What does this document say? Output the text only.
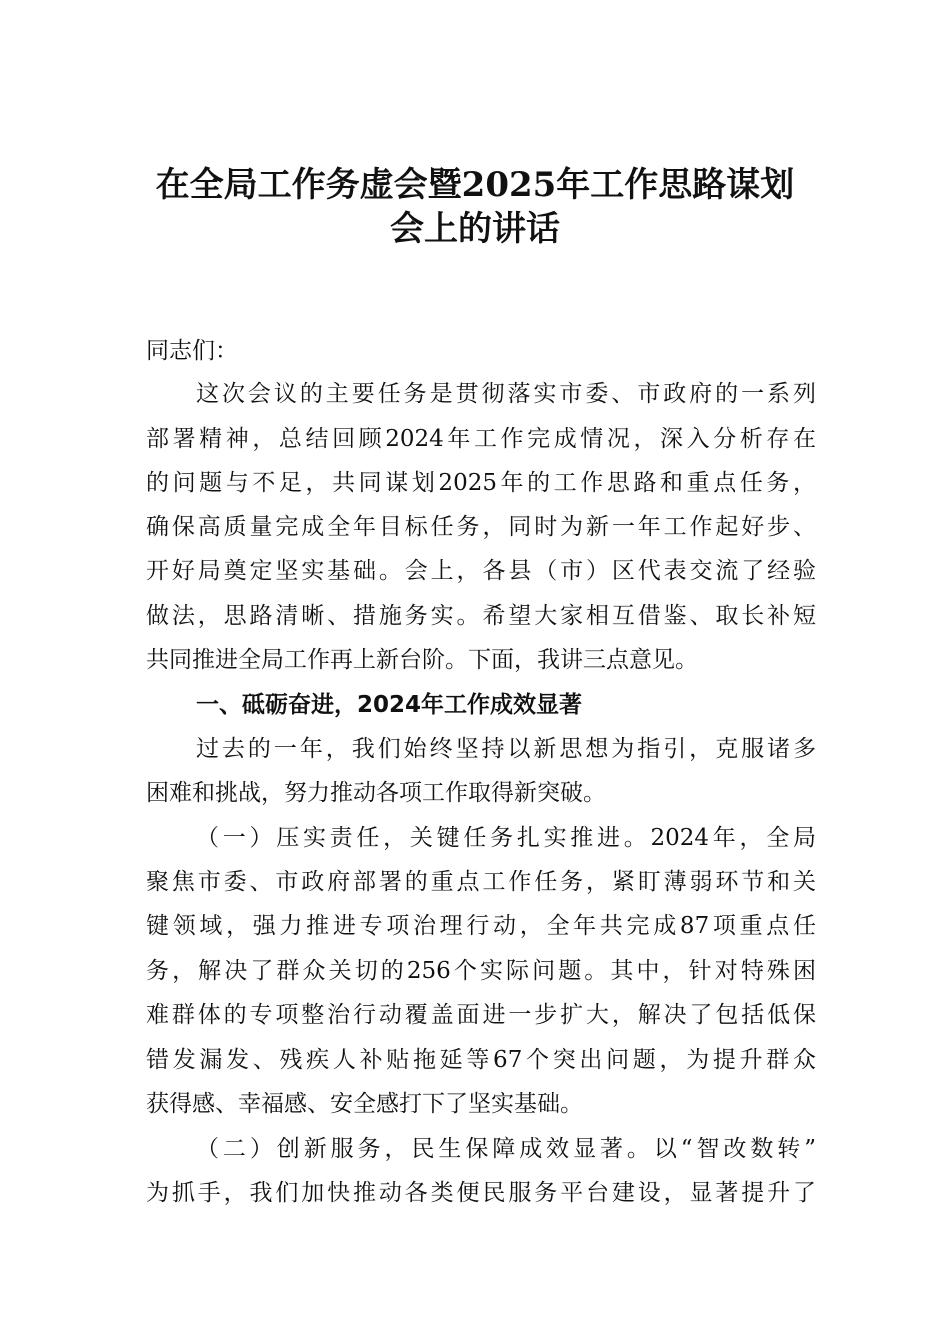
在全局工作务虚会暨2025年工作思路谋划
会上的讲话
同志们：
这次会议的主要任务是贯彻落实市委、市政府的一系列
部署精神，总结回顾2024年工作完成情况，深入分析存在
的问题与不足，共同谋划2025年的工作思路和重点任务，
确保高质量完成全年目标任务，同时为新一年工作起好步、
开好局奠定坚实基础。会上，各县（市）区代表交流了经验
做法，思路清晰、措施务实。希望大家相互借鉴、取长补短
共同推进全局工作再上新台阶。下面，我讲三点意见。
一、砥砺奋进，2024年工作成效显著
过去的一年，我们始终坚持以新思想为指引，克服诸多
困难和挑战，努力推动各项工作取得新突破。
（一）压实责任，关键任务扎实推进。2024年，全局
聚焦市委、市政府部署的重点工作任务，紧盯薄弱环节和关
键领域，强力推进专项治理行动，全年共完成87项重点任
务，解决了群众关切的256个实际问题。其中，针对特殊困
难群体的专项整治行动覆盖面进一步扩大，解决了包括低保
错发漏发、残疾人补贴拖延等67个突出问题，为提升群众
获得感、幸福感、安全感打下了坚实基础。
（二）创新服务，民生保障成效显著。以“智改数转”
为抓手，我们加快推动各类便民服务平台建设，显著提升了
